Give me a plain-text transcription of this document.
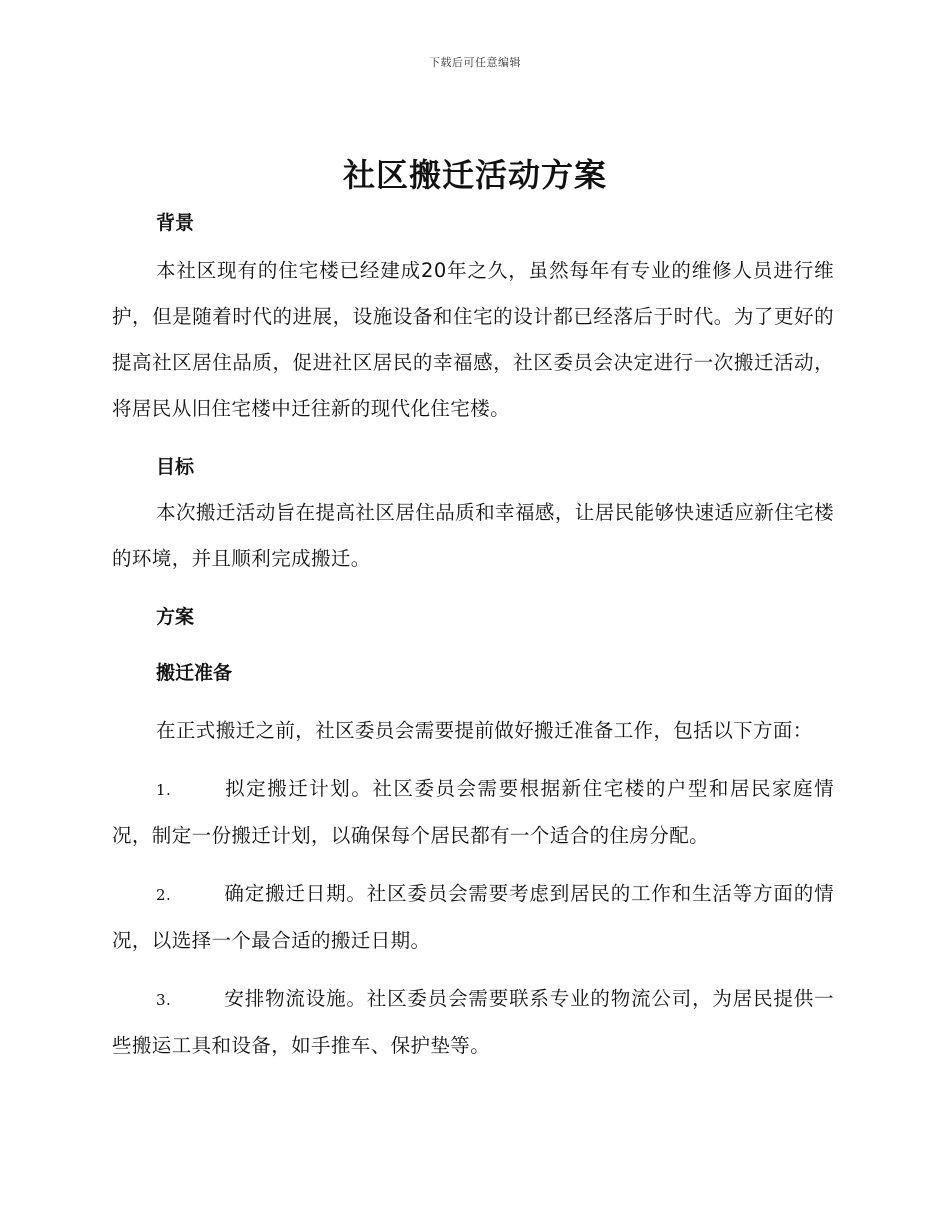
下载后可任意编辑
社区搬迁活动方案

背景

本社区现有的住宅楼已经建成20年之久，虽然每年有专业的维修人员进行维护，但是随着时代的进展，设施设备和住宅的设计都已经落后于时代。为了更好的提高社区居住品质，促进社区居民的幸福感，社区委员会决定进行一次搬迁活动，将居民从旧住宅楼中迁往新的现代化住宅楼。

目标

本次搬迁活动旨在提高社区居住品质和幸福感，让居民能够快速适应新住宅楼的环境，并且顺利完成搬迁。

方案

搬迁准备

在正式搬迁之前，社区委员会需要提前做好搬迁准备工作，包括以下方面：

1.	拟定搬迁计划。社区委员会需要根据新住宅楼的户型和居民家庭情况，制定一份搬迁计划，以确保每个居民都有一个适合的住房分配。

2.	确定搬迁日期。社区委员会需要考虑到居民的工作和生活等方面的情况，以选择一个最合适的搬迁日期。

3.	安排物流设施。社区委员会需要联系专业的物流公司，为居民提供一些搬运工具和设备，如手推车、保护垫等。
